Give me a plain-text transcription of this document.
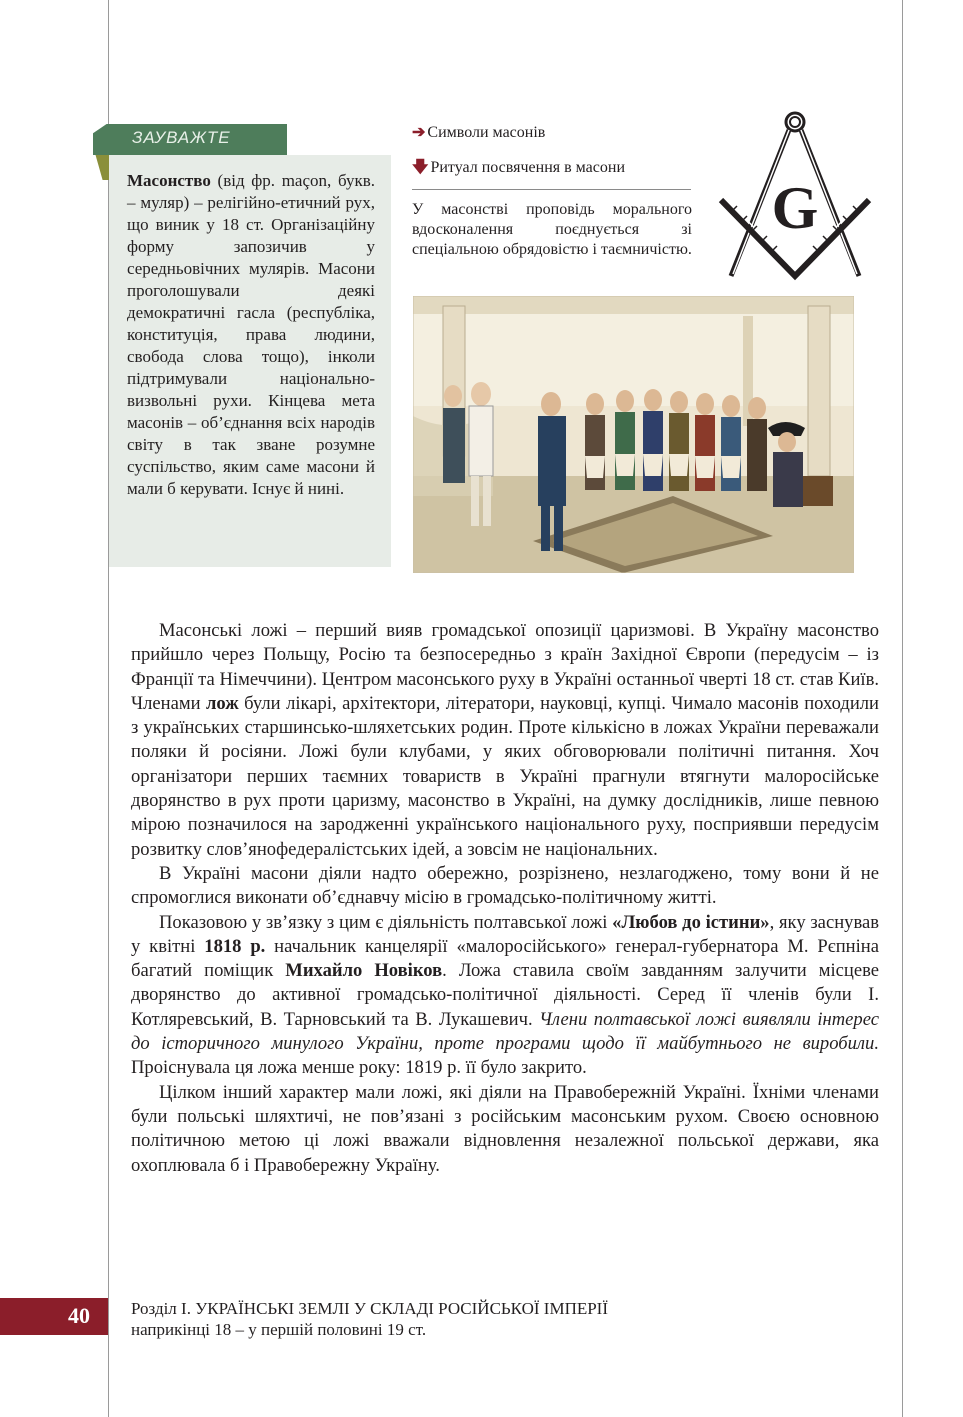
ЗАУВАЖТЕ
Масонство (від фр. maçon, букв. – муляр) – релігійно-етичний рух, що виник у 18 ст. Організаційну форму запозичив у середньовічних мулярів. Масони проголошували деякі демократичні гасла (республіка, конституція, права людини, свобода слова тощо), інколи підтримували національно-визвольні рухи. Кінцева мета масонів – об’єднання всіх народів світу в так зване розумне суспільство, яким саме масони й мали б керувати. Існує й нині.
➔ Символи масонів
🡇 Ритуал посвячення в масони
У масонстві проповідь морального вдосконалення поєднується зі спеціальною обрядовістю і таємничістю.
G

Масонські ложі – перший вияв громадської опозиції царизмові. В Україну масонство прийшло через Польщу, Росію та безпосередньо з країн Західної Європи (передусім – із Франції та Німеччини). Центром масонського руху в Україні останньої чверті 18 ст. став Київ. Членами лож були лікарі, архітектори, літератори, науковці, купці. Чимало масонів походили з українських старшинсько-шляхетських родин. Проте кількісно в ложах України переважали поляки й росіяни. Ложі були клубами, у яких обговорювали політичні питання. Хоч організатори перших таємних товариств в Україні прагнули втягнути малоросійське дворянство в рух проти царизму, масонство в Україні, на думку дослідників, лише певною мірою позначилося на зародженні українського національного руху, посприявши передусім розвитку слов’янофедералістських ідей, а зовсім не національних.

В Україні масони діяли надто обережно, розрізнено, незлагоджено, тому вони й не спромоглися виконати об’єднавчу місію в громадсько-політичному житті.

Показовою у зв’язку з цим є діяльність полтавської ложі «Любов до істини», яку заснував у квітні 1818 р. начальник канцелярії «малоросійського» генерал-губернатора М. Рєпніна багатий поміщик Михайло Новіков. Ложа ставила своїм завданням залучити місцеве дворянство до активної громадсько-політичної діяльності. Серед її членів були І. Котляревський, В. Тарновський та В. Лукашевич. Члени полтавської ложі виявляли інтерес до історичного минулого України, проте програми щодо її майбутнього не виробили. Проіснувала ця ложа менше року: 1819 р. її було закрито.

Цілком інший характер мали ложі, які діяли на Правобережній Україні. Їхніми членами були польські шляхтичі, не пов’язані з російським масонським рухом. Своєю основною політичною метою ці ложі вважали відновлення незалежної польської держави, яка охоплювала б і Правобережну Україну.

40 Розділ І. УКРАЇНСЬКІ ЗЕМЛІ У СКЛАДІ РОСІЙСЬКОЇ ІМПЕРІЇ
наприкінці 18 – у першій половині 19 ст.
